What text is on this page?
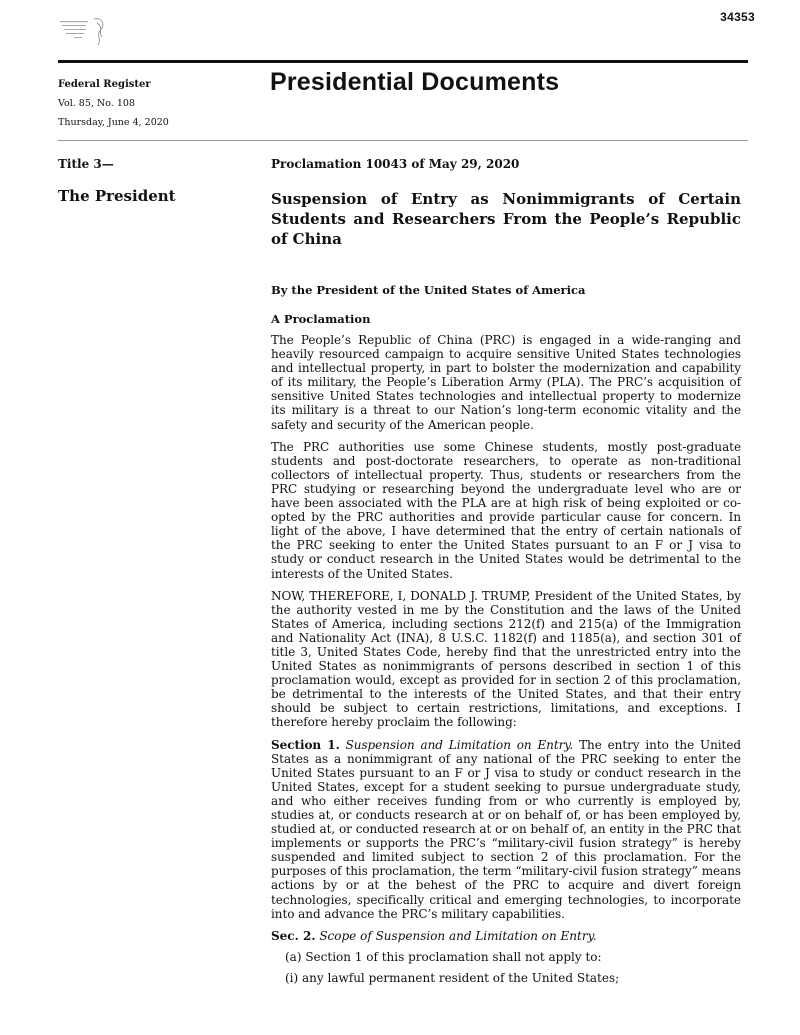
34353
Federal Register
Vol. 85, No. 108
Thursday, June 4, 2020
Presidential Documents
Title 3—
The President
Proclamation 10043 of May 29, 2020
Suspension of Entry as Nonimmigrants of Certain Students and Researchers From the People’s Republic of China
By the President of the United States of America
A Proclamation

The People’s Republic of China (PRC) is engaged in a wide-ranging and heavily resourced campaign to acquire sensitive United States technologies and intellectual property, in part to bolster the modernization and capability of its military, the People’s Liberation Army (PLA). The PRC’s acquisition of sensitive United States technologies and intellectual property to modernize its military is a threat to our Nation’s long-term economic vitality and the safety and security of the American people.

The PRC authorities use some Chinese students, mostly post-graduate students and post-doctorate researchers, to operate as non-traditional collectors of intellectual property. Thus, students or researchers from the PRC studying or researching beyond the undergraduate level who are or have been associated with the PLA are at high risk of being exploited or co-opted by the PRC authorities and provide particular cause for concern. In light of the above, I have determined that the entry of certain nationals of the PRC seeking to enter the United States pursuant to an F or J visa to study or conduct research in the United States would be detrimental to the interests of the United States.

NOW, THEREFORE, I, DONALD J. TRUMP, President of the United States, by the authority vested in me by the Constitution and the laws of the United States of America, including sections 212(f) and 215(a) of the Immigration and Nationality Act (INA), 8 U.S.C. 1182(f) and 1185(a), and section 301 of title 3, United States Code, hereby find that the unrestricted entry into the United States as nonimmigrants of persons described in section 1 of this proclamation would, except as provided for in section 2 of this proclamation, be detrimental to the interests of the United States, and that their entry should be subject to certain restrictions, limitations, and exceptions. I therefore hereby proclaim the following:

Section 1. Suspension and Limitation on Entry. The entry into the United States as a nonimmigrant of any national of the PRC seeking to enter the United States pursuant to an F or J visa to study or conduct research in the United States, except for a student seeking to pursue undergraduate study, and who either receives funding from or who currently is employed by, studies at, or conducts research at or on behalf of, or has been employed by, studied at, or conducted research at or on behalf of, an entity in the PRC that implements or supports the PRC’s “military-civil fusion strategy” is hereby suspended and limited subject to section 2 of this proclamation. For the purposes of this proclamation, the term “military-civil fusion strategy” means actions by or at the behest of the PRC to acquire and divert foreign technologies, specifically critical and emerging technologies, to incorporate into and advance the PRC’s military capabilities.

Sec. 2. Scope of Suspension and Limitation on Entry.

(a) Section 1 of this proclamation shall not apply to:

(i) any lawful permanent resident of the United States;
